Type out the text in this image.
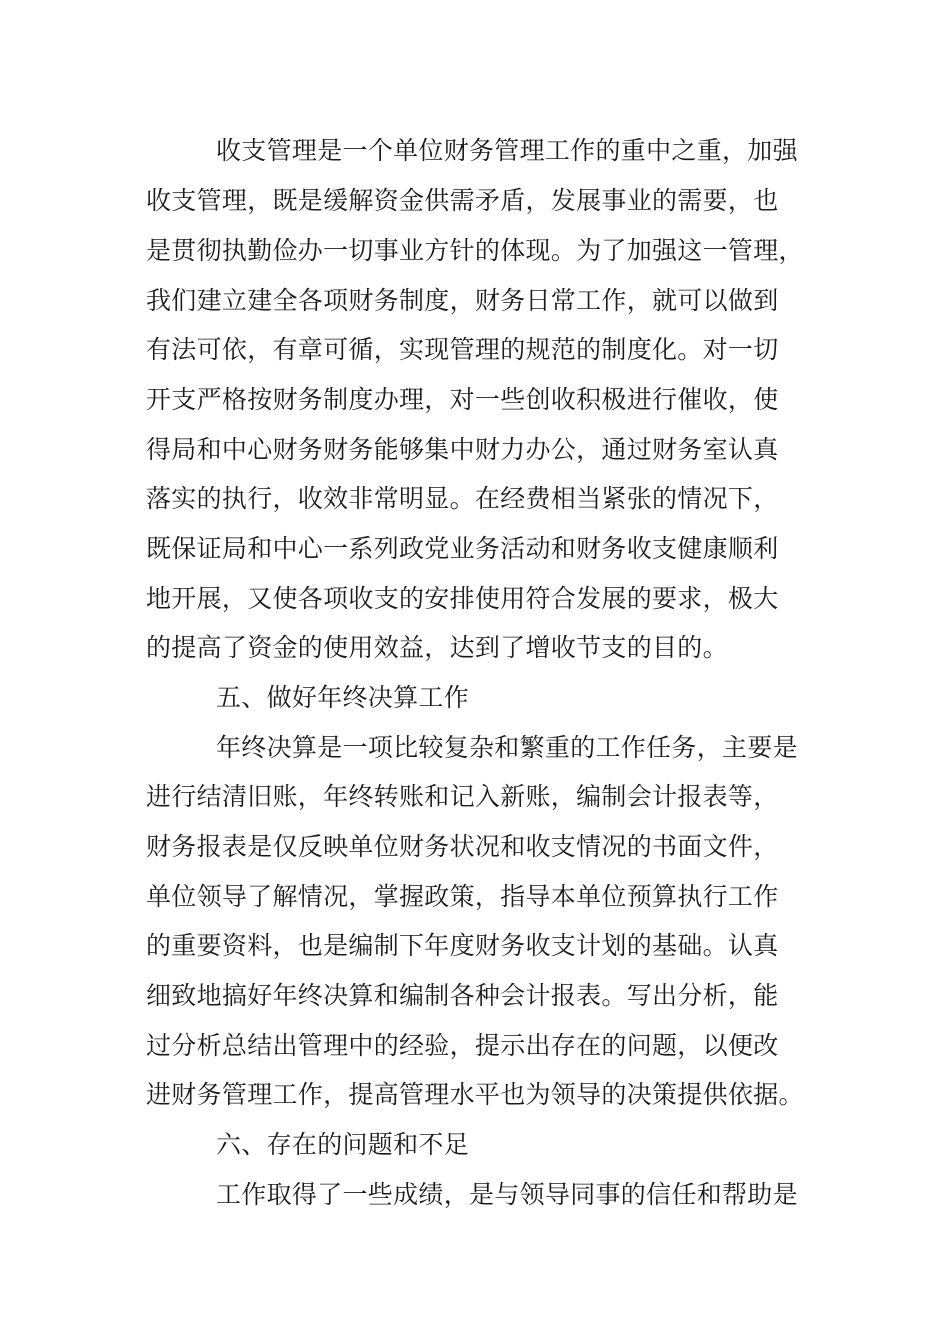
收支管理是一个单位财务管理工作的重中之重，加强
收支管理，既是缓解资金供需矛盾，发展事业的需要，也
是贯彻执勤俭办一切事业方针的体现。为了加强这一管理，
我们建立建全各项财务制度，财务日常工作，就可以做到
有法可依，有章可循，实现管理的规范的制度化。对一切
开支严格按财务制度办理，对一些创收积极进行催收，使
得局和中心财务财务能够集中财力办公，通过财务室认真
落实的执行，收效非常明显。在经费相当紧张的情况下，
既保证局和中心一系列政党业务活动和财务收支健康顺利
地开展，又使各项收支的安排使用符合发展的要求，极大
的提高了资金的使用效益，达到了增收节支的目的。
五、做好年终决算工作
年终决算是一项比较复杂和繁重的工作任务，主要是
进行结清旧账，年终转账和记入新账，编制会计报表等，
财务报表是仅反映单位财务状况和收支情况的书面文件，
单位领导了解情况，掌握政策，指导本单位预算执行工作
的重要资料，也是编制下年度财务收支计划的基础。认真
细致地搞好年终决算和编制各种会计报表。写出分析，能
过分析总结出管理中的经验，提示出存在的问题，以便改
进财务管理工作，提高管理水平也为领导的决策提供依据。
六、存在的问题和不足
工作取得了一些成绩，是与领导同事的信任和帮助是
